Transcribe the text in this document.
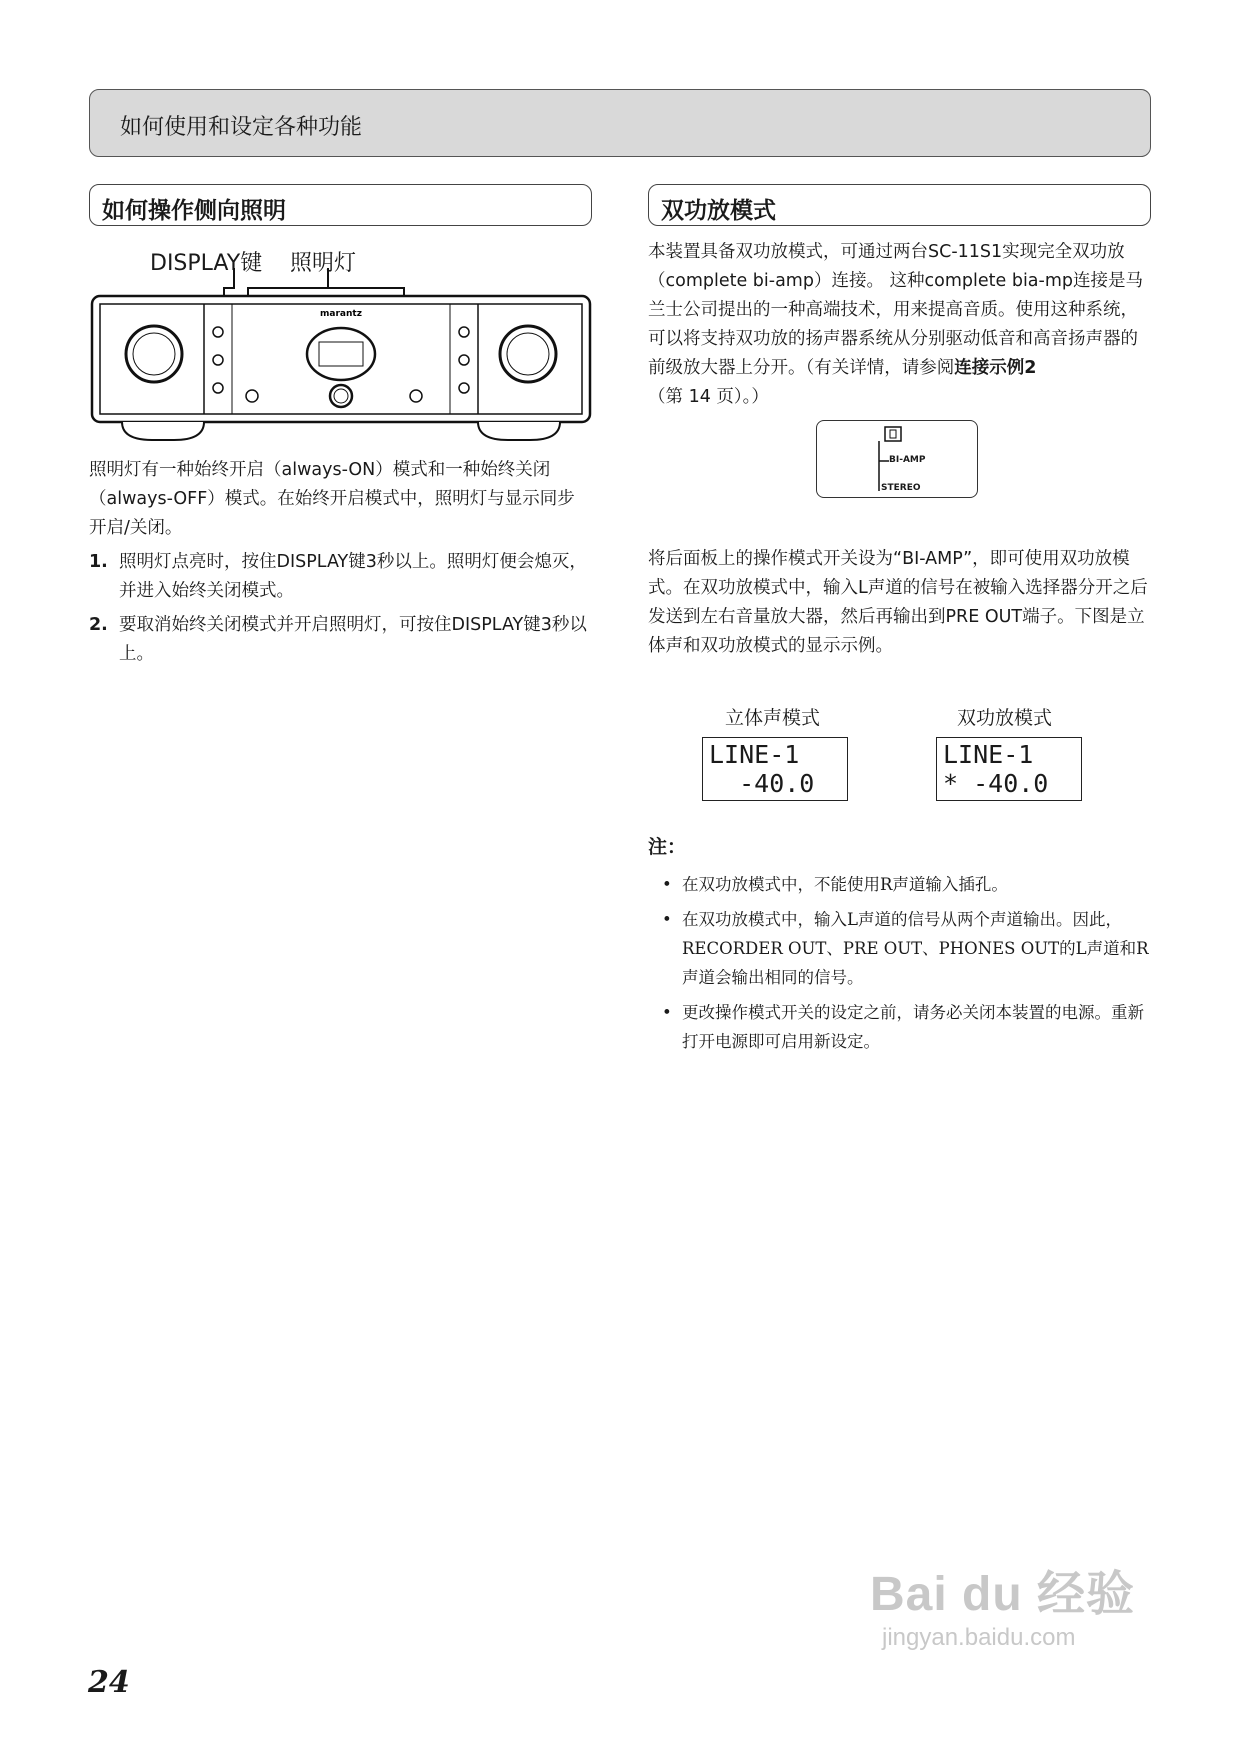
如何使用和设定各种功能
如何操作侧向照明
DISPLAY键 照明灯
marantz

照明灯有一种始终开启（always-ON）模式和一种始终关闭（always-OFF）模式。在始终开启模式中，照明灯与显示同步开启/关闭。

1. 照明灯点亮时，按住DISPLAY键3秒以上。照明灯便会熄灭，并进入始终关闭模式。
2. 要取消始终关闭模式并开启照明灯，可按住DISPLAY键3秒以上。
双功放模式

本装置具备双功放模式，可通过两台SC-11S1实现完全双功放（complete bi-amp）连接。 这种complete bia-mp连接是马兰士公司提出的一种高端技术，用来提高音质。使用这种系统，可以将支持双功放的扬声器系统从分别驱动低音和高音扬声器的前级放大器上分开。（有关详情，请参阅连接示例2（第 14 页）。）

BI-AMP
STEREO

将后面板上的操作模式开关设为“BI-AMP”，即可使用双功放模式。在双功放模式中，输入L声道的信号在被输入选择器分开之后发送到左右音量放大器，然后再输出到PRE OUT端子。下图是立体声和双功放模式的显示示例。

立体声模式	双功放模式
LINE-1
-40.0
LINE-1
* -40.0
注：
• 在双功放模式中，不能使用R声道输入插孔。
• 在双功放模式中，输入L声道的信号从两个声道输出。因此，RECORDER OUT、PRE OUT、PHONES OUT的L声道和R声道会输出相同的信号。
• 更改操作模式开关的设定之前，请务必关闭本装置的电源。重新打开电源即可启用新设定。
24
Bai du 经验
jingyan.baidu.com
